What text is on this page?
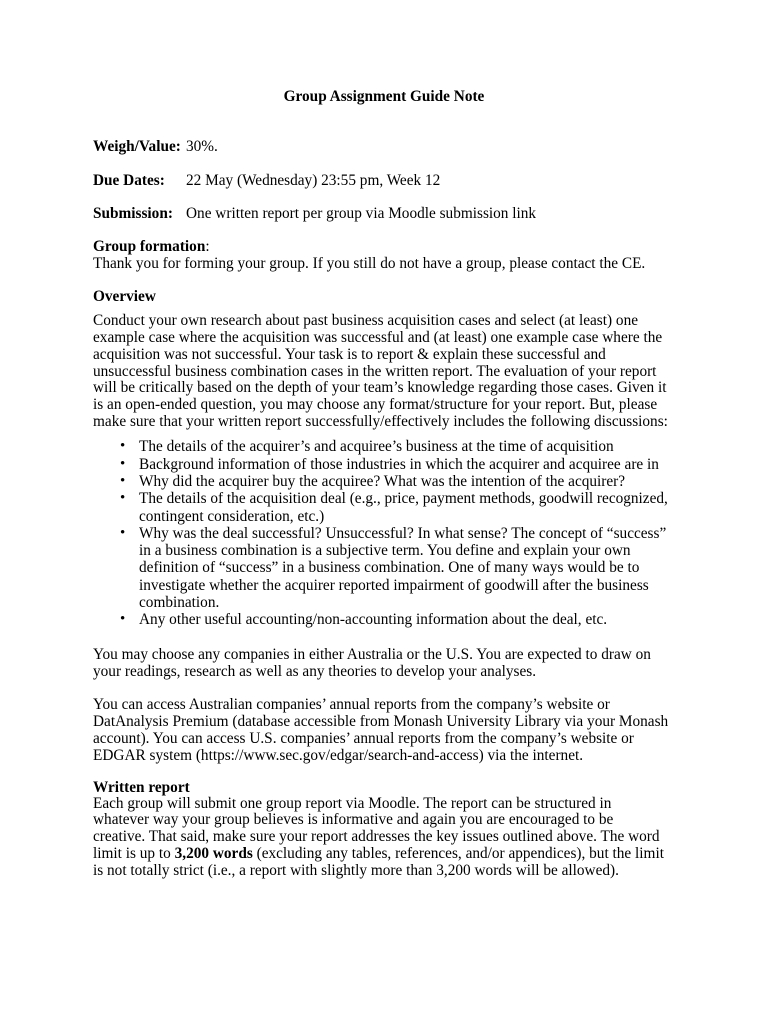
Group Assignment Guide Note
Weigh/Value: 30%.
Due Dates: 22 May (Wednesday) 23:55 pm, Week 12
Submission: One written report per group via Moodle submission link
Group formation:
Thank you for forming your group. If you still do not have a group, please contact the CE.
Overview
Conduct your own research about past business acquisition cases and select (at least) one
example case where the acquisition was successful and (at least) one example case where the
acquisition was not successful. Your task is to report & explain these successful and
unsuccessful business combination cases in the written report. The evaluation of your report
will be critically based on the depth of your team’s knowledge regarding those cases. Given it
is an open-ended question, you may choose any format/structure for your report. But, please
make sure that your written report successfully/effectively includes the following discussions:
• The details of the acquirer’s and acquiree’s business at the time of acquisition
• Background information of those industries in which the acquirer and acquiree are in
• Why did the acquirer buy the acquiree? What was the intention of the acquirer?
• The details of the acquisition deal (e.g., price, payment methods, goodwill recognized,
contingent consideration, etc.)
• Why was the deal successful? Unsuccessful? In what sense? The concept of “success”
in a business combination is a subjective term. You define and explain your own
definition of “success” in a business combination. One of many ways would be to
investigate whether the acquirer reported impairment of goodwill after the business
combination.
• Any other useful accounting/non-accounting information about the deal, etc.
You may choose any companies in either Australia or the U.S. You are expected to draw on
your readings, research as well as any theories to develop your analyses.
You can access Australian companies’ annual reports from the company’s website or
DatAnalysis Premium (database accessible from Monash University Library via your Monash
account). You can access U.S. companies’ annual reports from the company’s website or
EDGAR system (https://www.sec.gov/edgar/search-and-access) via the internet.
Written report
Each group will submit one group report via Moodle. The report can be structured in
whatever way your group believes is informative and again you are encouraged to be
creative. That said, make sure your report addresses the key issues outlined above. The word
limit is up to 3,200 words (excluding any tables, references, and/or appendices), but the limit
is not totally strict (i.e., a report with slightly more than 3,200 words will be allowed).
